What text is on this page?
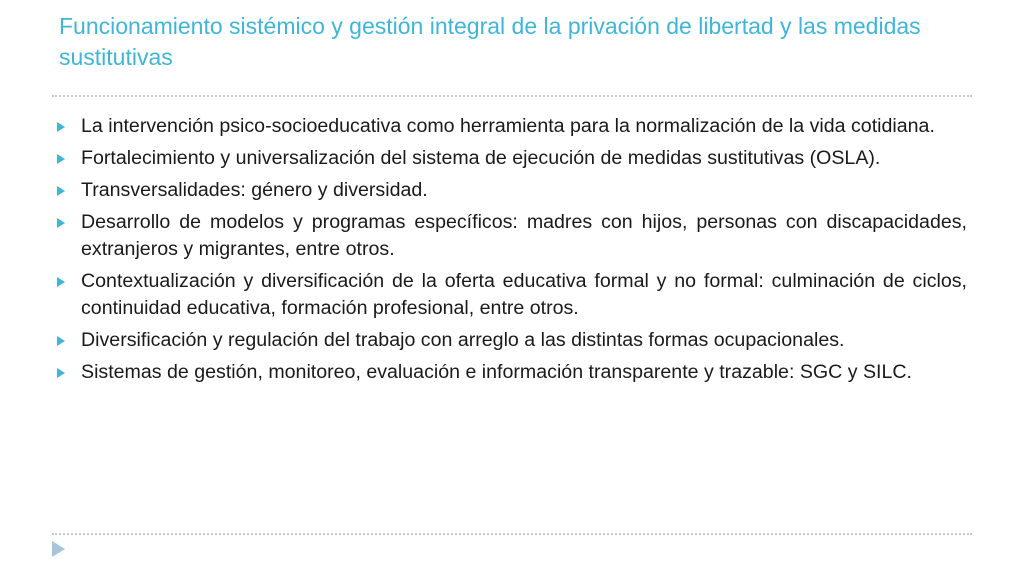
Funcionamiento sistémico y gestión integral de la privación de libertad y las medidas sustitutivas
La intervención psico-socioeducativa como herramienta para la normalización de la vida cotidiana.
Fortalecimiento y universalización del sistema de ejecución de medidas sustitutivas (OSLA).
Transversalidades: género y diversidad.
Desarrollo de modelos y programas específicos: madres con hijos, personas con discapacidades, extranjeros y migrantes, entre otros.
Contextualización y diversificación de la oferta educativa formal y no formal: culminación de ciclos, continuidad educativa, formación profesional, entre otros.
Diversificación y regulación del trabajo con arreglo a las distintas formas ocupacionales.
Sistemas de gestión, monitoreo, evaluación e información transparente y trazable: SGC y SILC.
